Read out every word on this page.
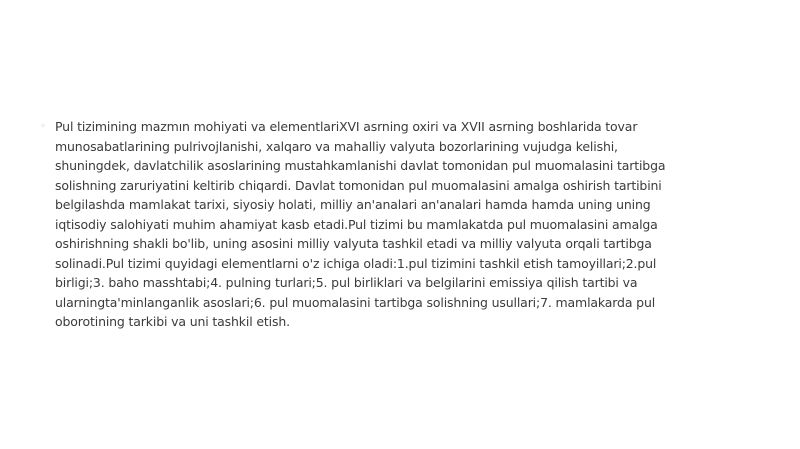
◦ Pul tizimining mazmın mohiyati va elementlariXVI asrning oxiri va XVII asrning boshlarida tovar munosabatlarining pulrivojlanishi, xalqaro va mahalliy valyuta bozorlarining vujudga kelishi, shuningdek, davlatchilik asoslarining mustahkamlanishi davlat tomonidan pul muomalasini tartibga solishning zaruriyatini keltirib chiqardi. Davlat tomonidan pul muomalasini amalga oshirish tartibini belgilashda mamlakat tarixi, siyosiy holati, milliy an'analari an'analari hamda hamda uning uning iqtisodiy salohiyati muhim ahamiyat kasb etadi.Pul tizimi bu mamlakatda pul muomalasini amalga oshirishning shakli bo'lib, uning asosini milliy valyuta tashkil etadi va milliy valyuta orqali tartibga solinadi.Pul tizimi quyidagi elementlarni o'z ichiga oladi:1.pul tizimini tashkil etish tamoyillari;2.pul birligi;3. baho masshtabi;4. pulning turlari;5. pul birliklari va belgilarini emissiya qilish tartibi va ularningta'minlanganlik asoslari;6. pul muomalasini tartibga solishning usullari;7. mamlakarda pul oborotining tarkibi va uni tashkil etish.
